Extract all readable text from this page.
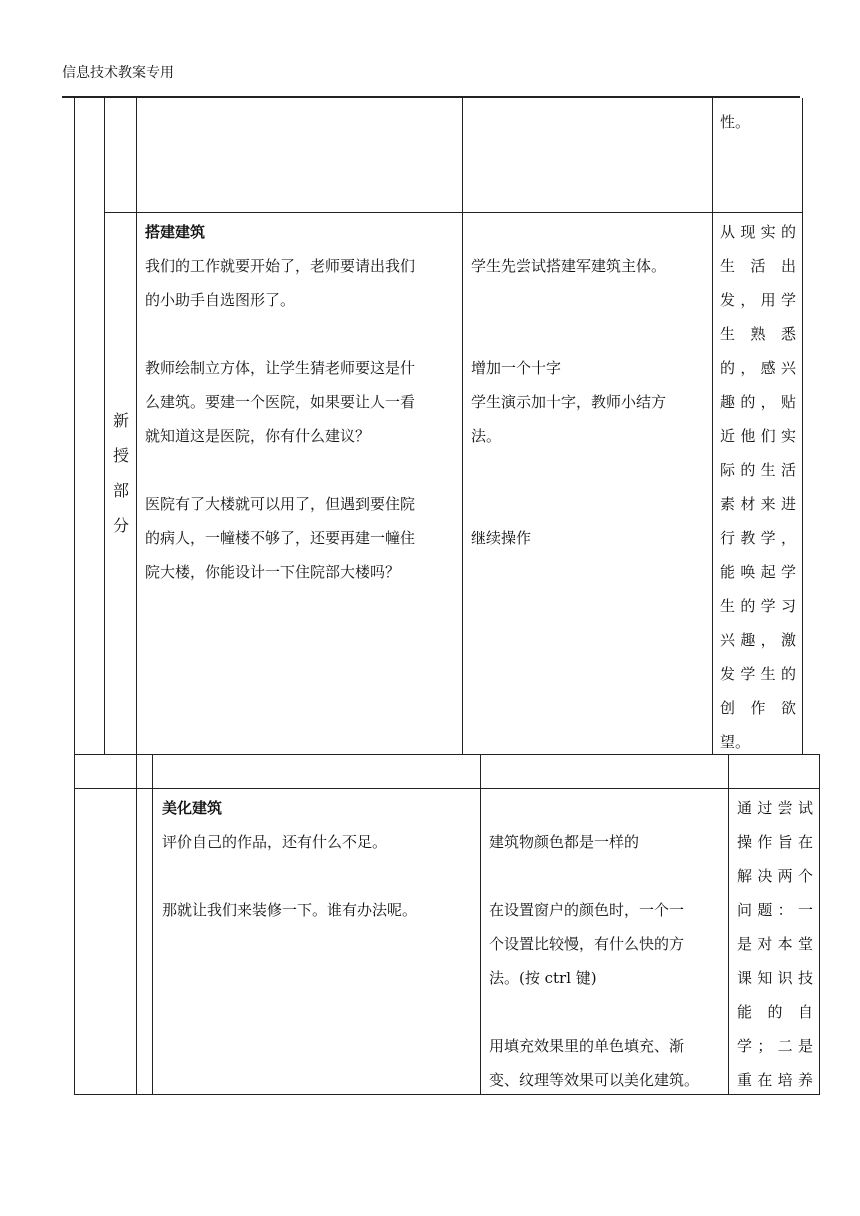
信息技术教案专用
性。
新
授
部
分
搭建建筑
我们的工作就要开始了，老师要请出我们
的小助手自选图形了。
教师绘制立方体，让学生猜老师要这是什
么建筑。要建一个医院，如果要让人一看
就知道这是医院，你有什么建议？
医院有了大楼就可以用了，但遇到要住院
的病人，一幢楼不够了，还要再建一幢住
院大楼，你能设计一下住院部大楼吗？
学生先尝试搭建军建筑主体。
增加一个十字
学生演示加十字，教师小结方
法。
继续操作
从现实的
生 活 出
发，用学
生 熟 悉
的，感兴
趣的，贴
近他们实
际的生活
素材来进
行教学，
能唤起学
生的学习
兴趣，激
发学生的
创 作 欲
望。
美化建筑
评价自己的作品，还有什么不足。
那就让我们来装修一下。谁有办法呢。
建筑物颜色都是一样的
在设置窗户的颜色时，一个一
个设置比较慢，有什么快的方
法。(按 ctrl 键)
用填充效果里的单色填充、渐
变、纹理等效果可以美化建筑。
通过尝试
操作旨在
解决两个
问题：一
是对本堂
课知识技
能 的 自
学；二是
重在培养
